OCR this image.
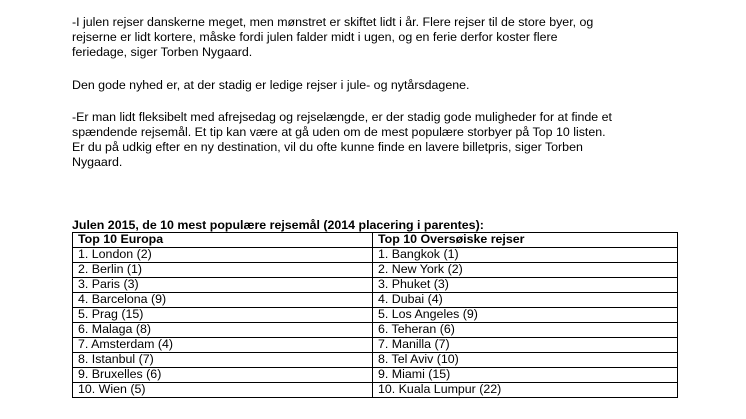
-I julen rejser danskerne meget, men mønstret er skiftet lidt i år. Flere rejser til de store byer, og
rejserne er lidt kortere, måske fordi julen falder midt i ugen, og en ferie derfor koster flere
feriedage, siger Torben Nygaard.

Den gode nyhed er, at der stadig er ledige rejser i jule- og nytårsdagene.

-Er man lidt fleksibelt med afrejsedag og rejselængde, er der stadig gode muligheder for at finde et
spændende rejsemål. Et tip kan være at gå uden om de mest populære storbyer på Top 10 listen.
Er du på udkig efter en ny destination, vil du ofte kunne finde en lavere billetpris, siger Torben
Nygaard.

Julen 2015, de 10 mest populære rejsemål (2014 placering i parentes):
Top 10 Europa	Top 10 Oversøiske rejser
1. London (2)	1. Bangkok (1)
2. Berlin (1)	2. New York (2)
3. Paris (3)	3. Phuket (3)
4. Barcelona (9)	4. Dubai (4)
5. Prag (15)	5. Los Angeles (9)
6. Malaga (8)	6. Teheran (6)
7. Amsterdam (4)	7. Manilla (7)
8. Istanbul (7)	8. Tel Aviv (10)
9. Bruxelles (6)	9. Miami (15)
10. Wien (5)	10. Kuala Lumpur (22)
